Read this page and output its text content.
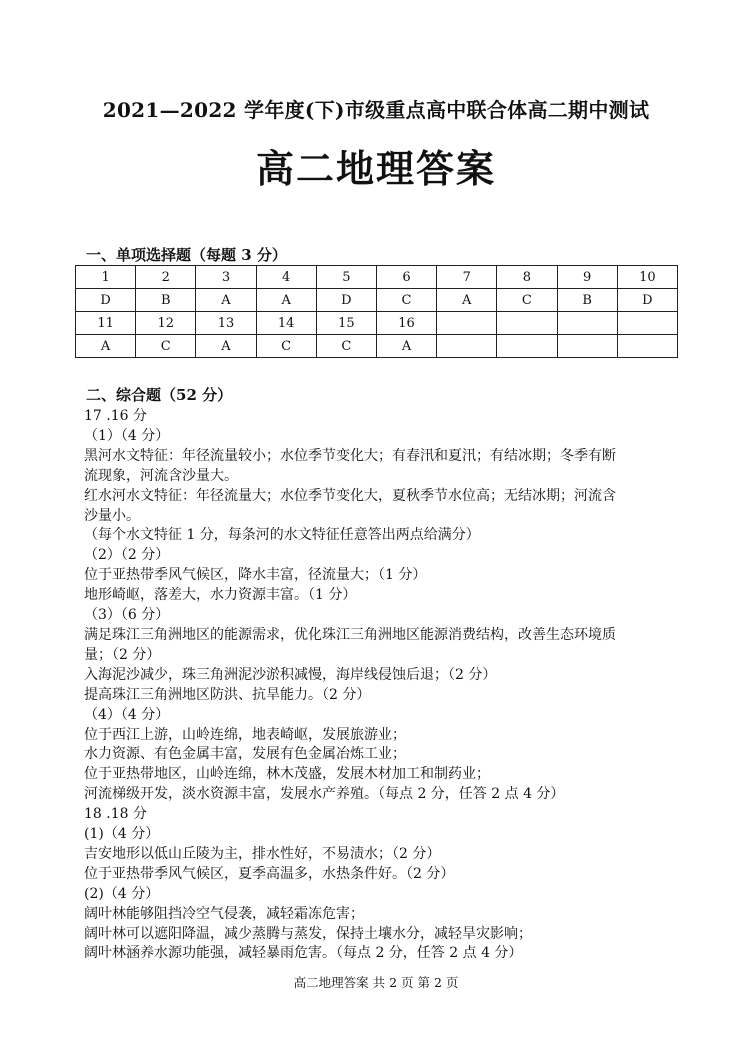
2021—2022 学年度(下)市级重点高中联合体高二期中测试
高二地理答案
一、单项选择题（每题 3 分）
1	2	3	4	5	6	7	8	9	10
D	B	A	A	D	C	A	C	B	D
11	12	13	14	15	16				
A	C	A	C	C	A				
二、综合题（52 分）
17 .16 分
（1）（4 分）
黑河水文特征：年径流量较小；水位季节变化大；有春汛和夏汛；有结冰期；冬季有断
流现象，河流含沙量大。
红水河水文特征：年径流量大；水位季节变化大，夏秋季节水位高；无结冰期；河流含
沙量小。
（每个水文特征 1 分，每条河的水文特征任意答出两点给满分）
（2）（2 分）
位于亚热带季风气候区，降水丰富，径流量大；（1 分）
地形崎岖，落差大，水力资源丰富。（1 分）
（3）（6 分）
满足珠江三角洲地区的能源需求，优化珠江三角洲地区能源消费结构，改善生态环境质
量；（2 分）
入海泥沙减少，珠三角洲泥沙淤积减慢，海岸线侵蚀后退；（2 分）
提高珠江三角洲地区防洪、抗旱能力。（2 分）
（4）（4 分）
位于西江上游，山岭连绵，地表崎岖，发展旅游业；
水力资源、有色金属丰富，发展有色金属冶炼工业；
位于亚热带地区，山岭连绵，林木茂盛，发展木材加工和制药业；
河流梯级开发，淡水资源丰富，发展水产养殖。（每点 2 分，任答 2 点 4 分）
18 .18 分
(1)（4 分）
吉安地形以低山丘陵为主，排水性好，不易渍水；（2 分）
位于亚热带季风气候区，夏季高温多，水热条件好。（2 分）
(2)（4 分）
阔叶林能够阻挡冷空气侵袭，减轻霜冻危害；
阔叶林可以遮阳降温，减少蒸腾与蒸发，保持土壤水分，减轻旱灾影响；
阔叶林涵养水源功能强，减轻暴雨危害。（每点 2 分，任答 2 点 4 分）
高二地理答案 共 2 页 第 2 页
